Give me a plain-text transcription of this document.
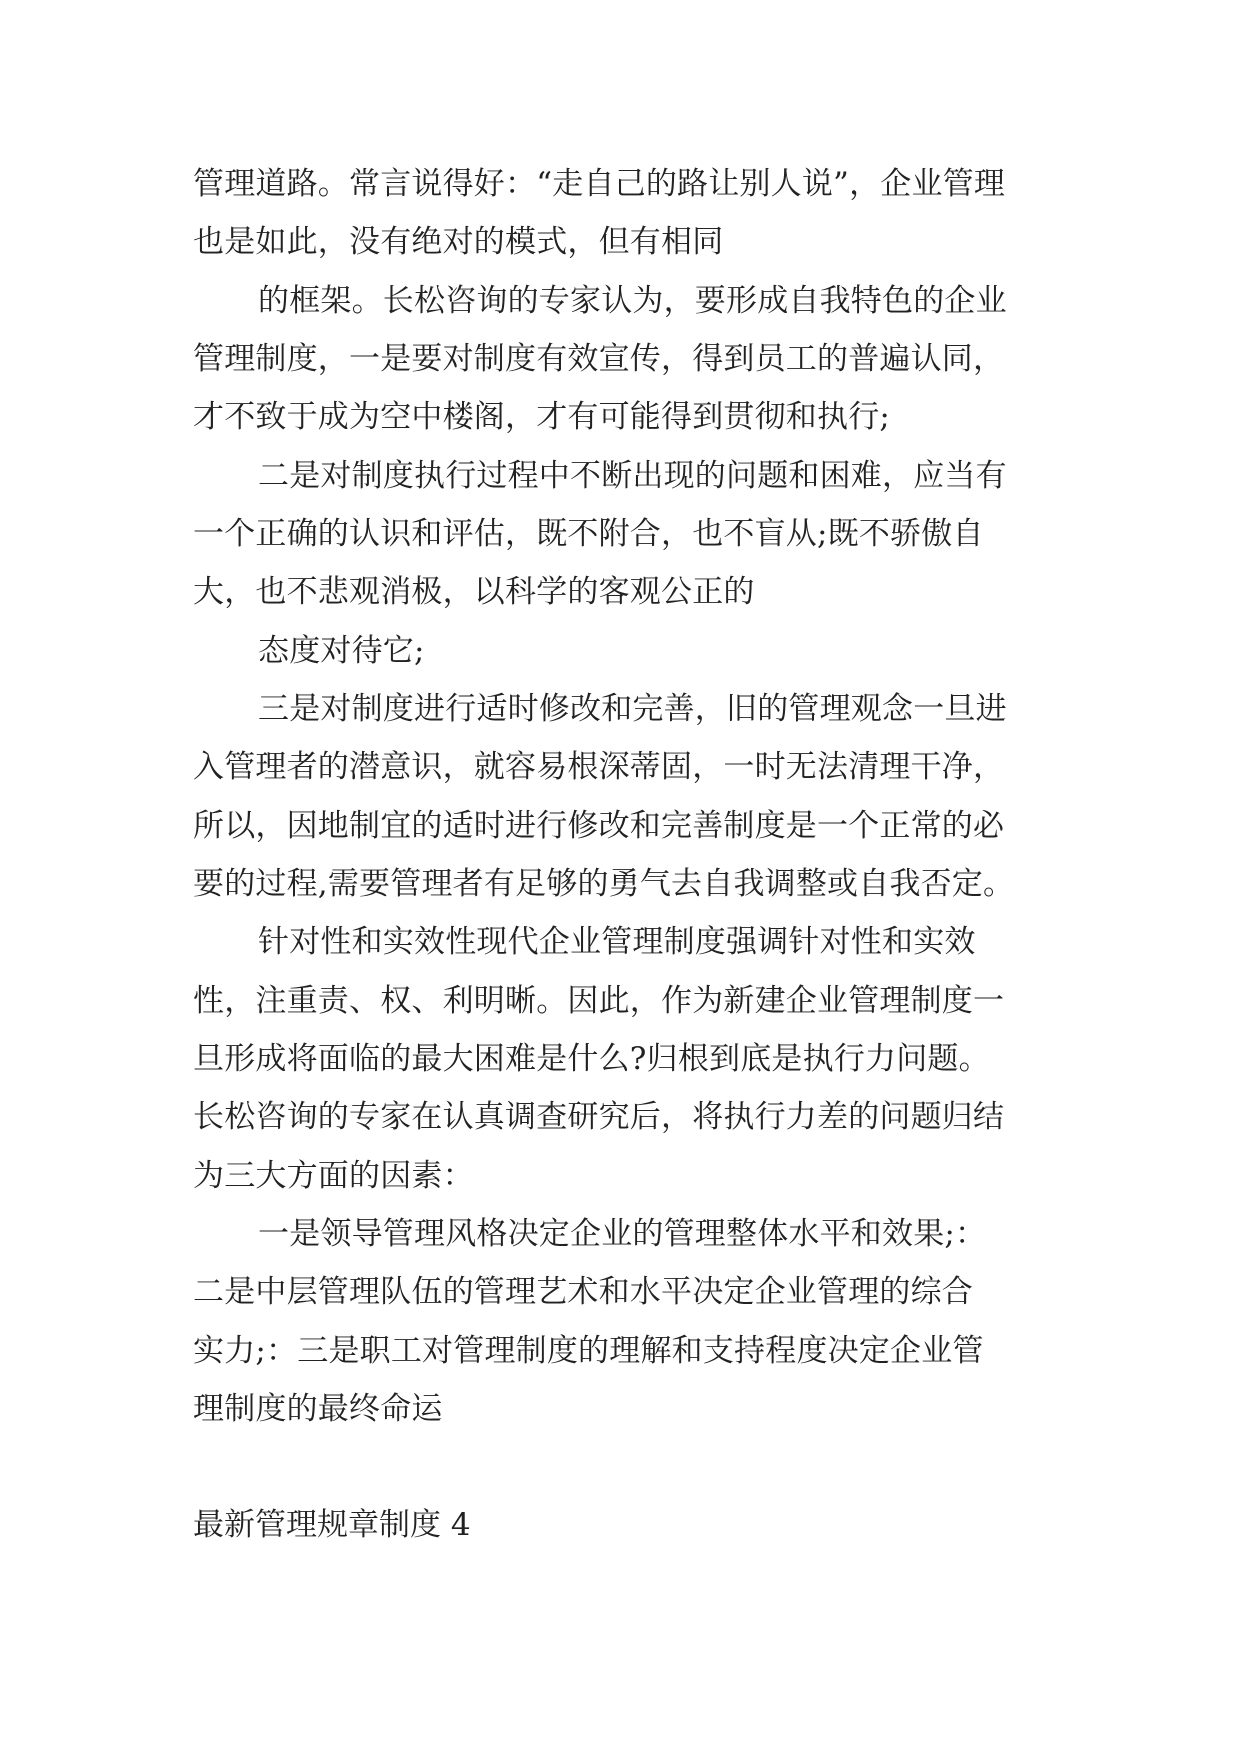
管理道路。常言说得好：“走自己的路让别人说”，企业管理
也是如此，没有绝对的模式，但有相同
的框架。长松咨询的专家认为，要形成自我特色的企业
管理制度，一是要对制度有效宣传，得到员工的普遍认同，
才不致于成为空中楼阁，才有可能得到贯彻和执行;
二是对制度执行过程中不断出现的问题和困难，应当有
一个正确的认识和评估，既不附合，也不盲从;既不骄傲自
大，也不悲观消极，以科学的客观公正的
态度对待它;
三是对制度进行适时修改和完善，旧的管理观念一旦进
入管理者的潜意识，就容易根深蒂固，一时无法清理干净，
所以，因地制宜的适时进行修改和完善制度是一个正常的必
要的过程,需要管理者有足够的勇气去自我调整或自我否定。
针对性和实效性现代企业管理制度强调针对性和实效
性，注重责、权、利明晰。因此，作为新建企业管理制度一
旦形成将面临的最大困难是什么?归根到底是执行力问题。
长松咨询的专家在认真调查研究后，将执行力差的问题归结
为三大方面的因素：
一是领导管理风格决定企业的管理整体水平和效果;：
二是中层管理队伍的管理艺术和水平决定企业管理的综合
实力;：三是职工对管理制度的理解和支持程度决定企业管
理制度的最终命运
最新管理规章制度 4
